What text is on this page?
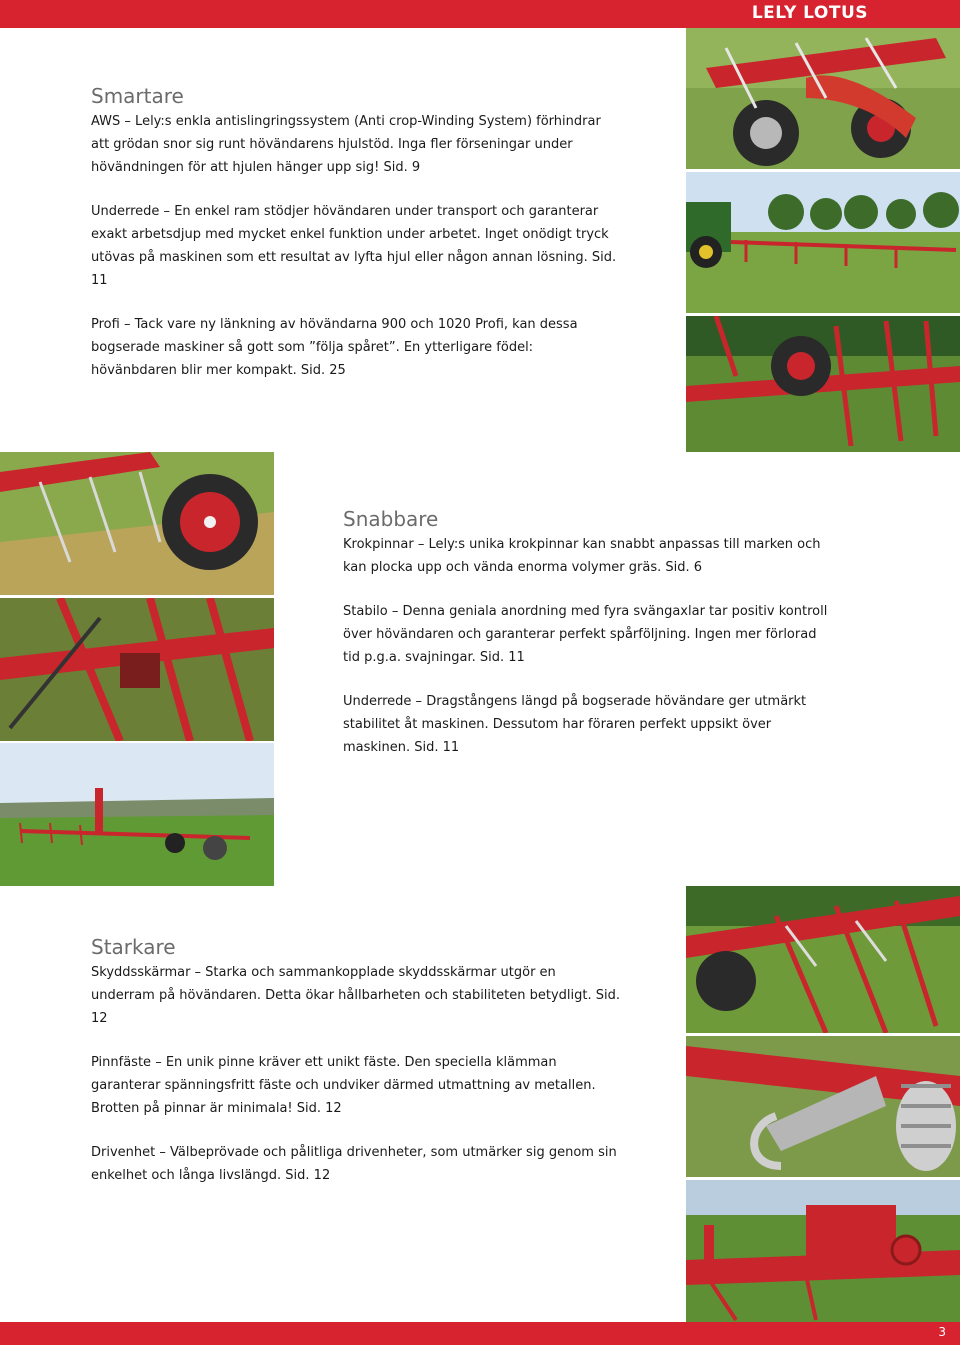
LELY LOTUS
Smartare

AWS – Lely:s enkla antislingringssystem (Anti crop-Winding System) förhindrar att grödan snor sig runt hövändarens hjulstöd. Inga fler förseningar under hövändningen för att hjulen hänger upp sig! Sid. 9

Underrede – En enkel ram stödjer hövändaren under transport och garanterar exakt arbetsdjup med mycket enkel funktion under arbetet. Inget onödigt tryck utövas på maskinen som ett resultat av lyfta hjul eller någon annan lösning. Sid. 11

Profi – Tack vare ny länkning av hövändarna 900 och 1020 Profi, kan dessa bogserade maskiner så gott som ”följa spåret”. En ytterligare födel: hövänbdaren blir mer kompakt. Sid. 25

Snabbare

Krokpinnar – Lely:s unika krokpinnar kan snabbt anpassas till marken och kan plocka upp och vända enorma volymer gräs. Sid. 6

Stabilo – Denna geniala anordning med fyra svängaxlar tar positiv kontroll över hövändaren och garanterar perfekt spårföljning. Ingen mer förlorad tid p.g.a. svajningar. Sid. 11

Underrede – Dragstångens längd på bogserade hövändare ger utmärkt stabilitet åt maskinen. Dessutom har föraren perfekt uppsikt över maskinen. Sid. 11

Starkare

Skyddsskärmar – Starka och sammankopplade skyddsskärmar utgör en underram på hövändaren. Detta ökar hållbarheten och stabiliteten betydligt. Sid. 12

Pinnfäste – En unik pinne kräver ett unikt fäste. Den speciella klämman garanterar spänningsfritt fäste och undviker därmed utmattning av metallen. Brotten på pinnar är minimala! Sid. 12

Drivenhet – Välbeprövade och pålitliga drivenheter, som utmärker sig genom sin enkelhet och långa livslängd. Sid. 12

3
